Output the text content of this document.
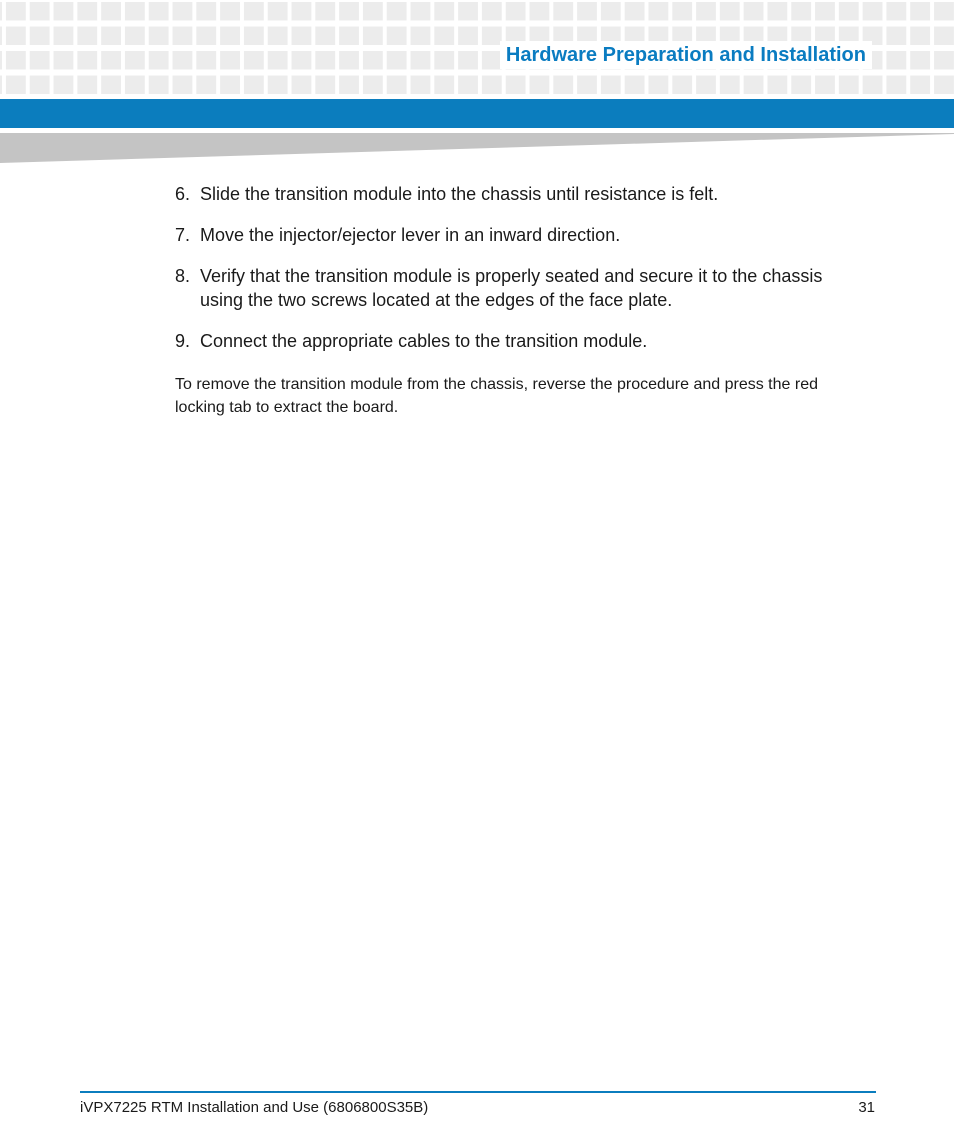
Hardware Preparation and Installation
6. Slide the transition module into the chassis until resistance is felt.
7. Move the injector/ejector lever in an inward direction.
8. Verify that the transition module is properly seated and secure it to the chassis using the two screws located at the edges of the face plate.
9. Connect the appropriate cables to the transition module.

To remove the transition module from the chassis, reverse the procedure and press the red locking tab to extract the board.

iVPX7225 RTM Installation and Use (6806800S35B)	31
